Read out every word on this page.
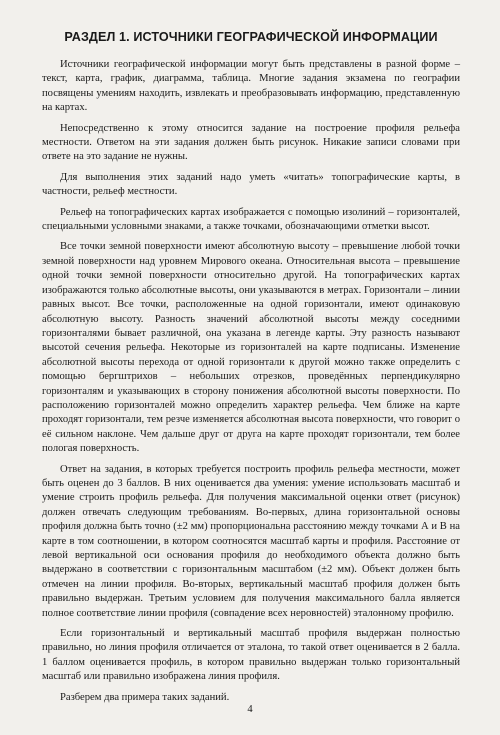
РАЗДЕЛ 1. ИСТОЧНИКИ ГЕОГРАФИЧЕСКОЙ ИНФОРМАЦИИ

Источники географической информации могут быть представлены в разной форме – текст, карта, график, диаграмма, таблица. Многие задания экзамена по географии посвящены умениям находить, извлекать и преобразовывать информацию, представленную на картах.

Непосредственно к этому относится задание на построение профиля рельефа местности. Ответом на эти задания должен быть рисунок. Никакие записи словами при ответе на это задание не нужны.

Для выполнения этих заданий надо уметь «читать» топографические карты, в частности, рельеф местности.

Рельеф на топографических картах изображается с помощью изолиний – горизонталей, специальными условными знаками, а также точками, обозначающими отметки высот.

Все точки земной поверхности имеют абсолютную высоту – превышение любой точки земной поверхности над уровнем Мирового океана. Относительная высота – превышение одной точки земной поверхности относительно другой. На топографических картах изображаются только абсолютные высоты, они указываются в метрах. Горизонтали – линии равных высот. Все точки, расположенные на одной горизонтали, имеют одинаковую абсолютную высоту. Разность значений абсолютной высоты между соседними горизонталями бывает различной, она указана в легенде карты. Эту разность называют высотой сечения рельефа. Некоторые из горизонталей на карте подписаны. Изменение абсолютной высоты перехода от одной горизонтали к другой можно также определить с помощью бергштрихов – небольших отрезков, проведённых перпендикулярно горизонталям и указывающих в сторону понижения абсолютной высоты поверхности. По расположению горизонталей можно определить характер рельефа. Чем ближе на карте проходят горизонтали, тем резче изменяется абсолютная высота поверхности, что говорит о её сильном наклоне. Чем дальше друг от друга на карте проходят горизонтали, тем более пологая поверхность.

Ответ на задания, в которых требуется построить профиль рельефа местности, может быть оценен до 3 баллов. В них оценивается два умения: умение использовать масштаб и умение строить профиль рельефа. Для получения максимальной оценки ответ (рисунок) должен отвечать следующим требованиям. Во-первых, длина горизонтальной основы профиля должна быть точно (±2 мм) пропорциональна расстоянию между точками А и В на карте в том соотношении, в котором соотносятся масштаб карты и профиля. Расстояние от левой вертикальной оси основания профиля до необходимого объекта должно быть выдержано в соответствии с горизонтальным масштабом (±2 мм). Объект должен быть отмечен на линии профиля. Во-вторых, вертикальный масштаб профиля должен быть правильно выдержан. Третьим условием для получения максимального балла является полное соответствие линии профиля (совпадение всех неровностей) эталонному профилю.

Если горизонтальный и вертикальный масштаб профиля выдержан полностью правильно, но линия профиля отличается от эталона, то такой ответ оценивается в 2 балла. 1 баллом оценивается профиль, в котором правильно выдержан только горизонтальный масштаб или правильно изображена линия профиля.

Разберем два примера таких заданий.

4
